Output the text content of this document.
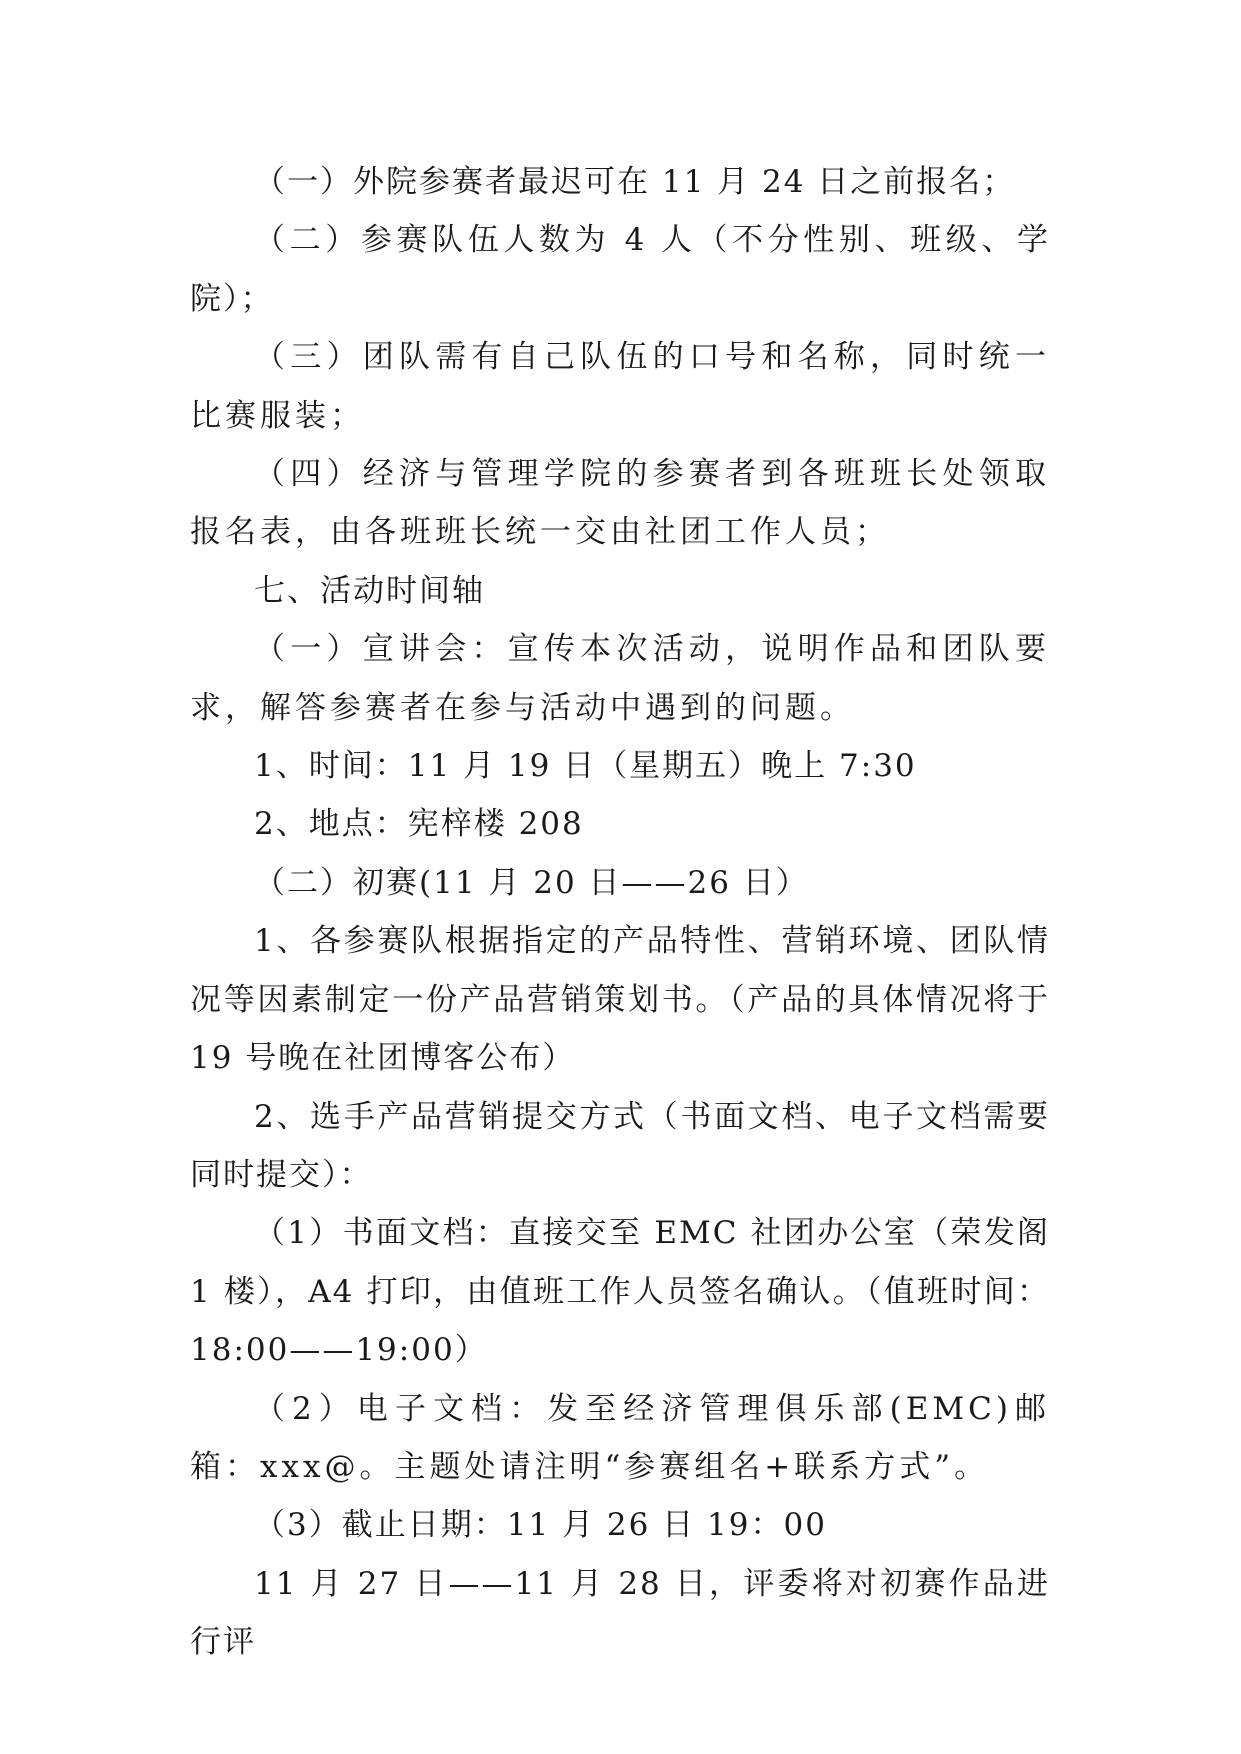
（一）外院参赛者最迟可在 11 月 24 日之前报名；

（二）参赛队伍人数为 4 人（不分性别、班级、学院）；

（三）团队需有自己队伍的口号和名称，同时统一比赛服装；

（四）经济与管理学院的参赛者到各班班长处领取报名表，由各班班长统一交由社团工作人员；

七、活动时间轴

（一）宣讲会：宣传本次活动，说明作品和团队要求，解答参赛者在参与活动中遇到的问题。

1、时间：11 月 19 日（星期五）晚上 7:30

2、地点：宪梓楼 208

（二）初赛(11 月 20 日——26 日）

1、各参赛队根据指定的产品特性、营销环境、团队情况等因素制定一份产品营销策划书。（产品的具体情况将于 19 号晚在社团博客公布）

2、选手产品营销提交方式（书面文档、电子文档需要同时提交）：

（1）书面文档：直接交至 EMC 社团办公室（荣发阁 1 楼），A4 打印，由值班工作人员签名确认。（值班时间：18:00——19:00）

（2）电子文档：发至经济管理俱乐部(EMC)邮箱：xxx@。主题处请注明“参赛组名+联系方式”。

（3）截止日期：11 月 26 日 19：00

11 月 27 日——11 月 28 日，评委将对初赛作品进行评
